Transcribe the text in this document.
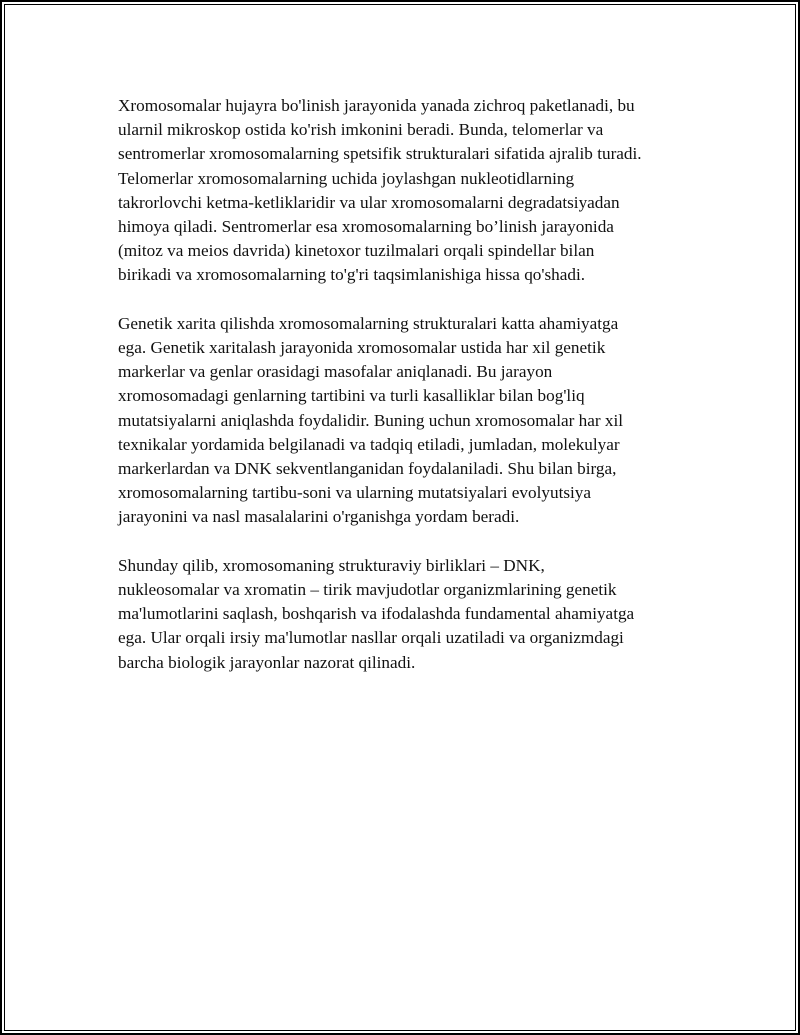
Xromosomalar hujayra bo'linish jarayonida yanada zichroq paketlanadi, bu
ularnil mikroskop ostida ko'rish imkonini beradi. Bunda, telomerlar va
sentromerlar xromosomalarning spetsifik strukturalari sifatida ajralib turadi.
Telomerlar xromosomalarning uchida joylashgan nukleotidlarning
takrorlovchi ketma-ketliklaridir va ular xromosomalarni degradatsiyadan
himoya qiladi. Sentromerlar esa xromosomalarning bo’linish jarayonida
(mitoz va meios davrida) kinetoxor tuzilmalari orqali spindellar bilan
birikadi va xromosomalarning to'g'ri taqsimlanishiga hissa qo'shadi.

Genetik xarita qilishda xromosomalarning strukturalari katta ahamiyatga
ega. Genetik xaritalash jarayonida xromosomalar ustida har xil genetik
markerlar va genlar orasidagi masofalar aniqlanadi. Bu jarayon
xromosomadagi genlarning tartibini va turli kasalliklar bilan bog'liq
mutatsiyalarni aniqlashda foydalidir. Buning uchun xromosomalar har xil
texnikalar yordamida belgilanadi va tadqiq etiladi, jumladan, molekulyar
markerlardan va DNK sekventlanganidan foydalaniladi. Shu bilan birga,
xromosomalarning tartibu-soni va ularning mutatsiyalari evolyutsiya
jarayonini va nasl masalalarini o'rganishga yordam beradi.

Shunday qilib, xromosomaning strukturaviy birliklari – DNK,
nukleosomalar va xromatin – tirik mavjudotlar organizmlarining genetik
ma'lumotlarini saqlash, boshqarish va ifodalashda fundamental ahamiyatga
ega. Ular orqali irsiy ma'lumotlar nasllar orqali uzatiladi va organizmdagi
barcha biologik jarayonlar nazorat qilinadi.
